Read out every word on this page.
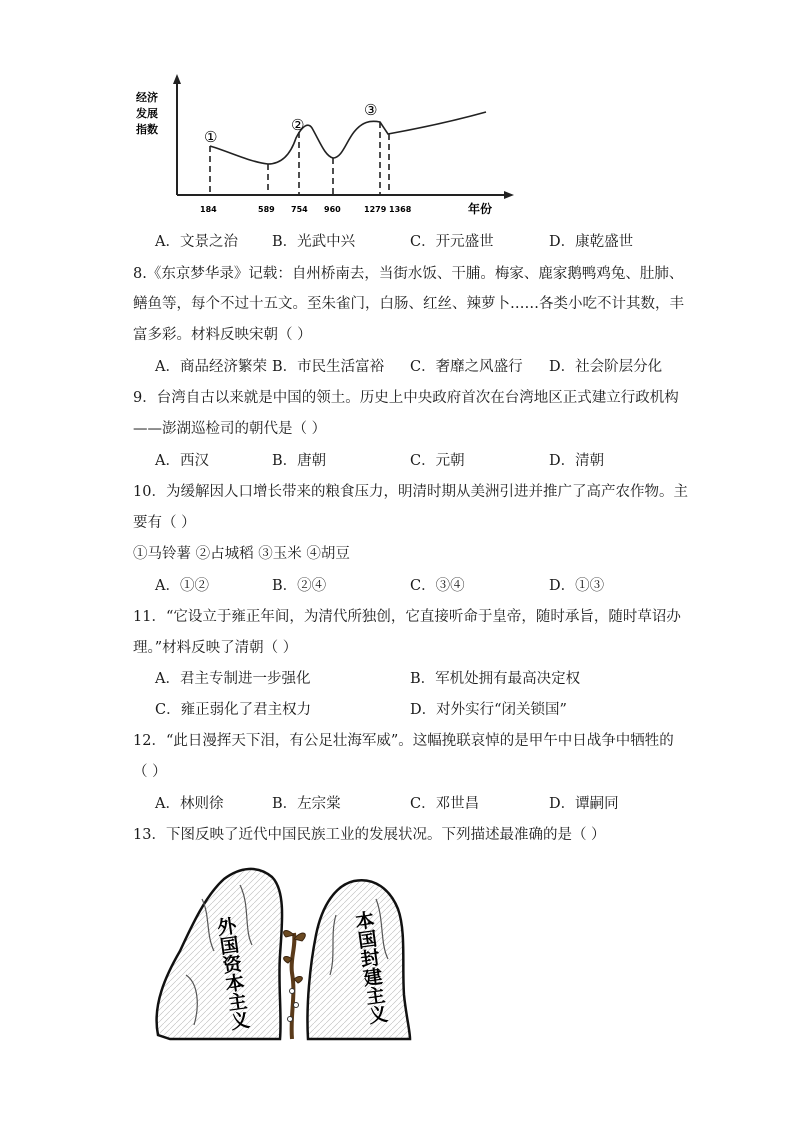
经济
发展
指数	①
②
③
184	589 754 960	1279 1368	年份
A．文景之治 B．光武中兴	C．开元盛世	D．康乾盛世
8.《东京梦华录》记载：自州桥南去，当街水饭、干脯。梅家、鹿家鹅鸭鸡兔、肚肺、
鳝鱼等，每个不过十五文。至朱雀门，白肠、红丝、辣萝卜……各类小吃不计其数，丰
富多彩。材料反映宋朝（ ）
A．商品经济繁荣 B．市民生活富裕 C．奢靡之风盛行 D．社会阶层分化
9．台湾自古以来就是中国的领土。历史上中央政府首次在台湾地区正式建立行政机构
——澎湖巡检司的朝代是（ ）
A．西汉	B．唐朝	C．元朝	D．清朝
10．为缓解因人口增长带来的粮食压力，明清时期从美洲引进并推广了高产农作物。主
要有（ ）
①马铃薯 ②占城稻 ③玉米 ④胡豆
A．①②	B．②④	C．③④	D．①③
11．“它设立于雍正年间，为清代所独创，它直接听命于皇帝，随时承旨，随时草诏办
理。”材料反映了清朝（ ）
A．君主专制进一步强化	B．军机处拥有最高决定权
C．雍正弱化了君主权力	D．对外实行“闭关锁国”
12．“此日漫挥天下泪，有公足壮海军威”。这幅挽联哀悼的是甲午中日战争中牺牲的
（ ）
A．林则徐	B．左宗棠	C．邓世昌	D．谭嗣同
13．下图反映了近代中国民族工业的发展状况。下列描述最准确的是（ ）
外国资本主义	本国封建主义
